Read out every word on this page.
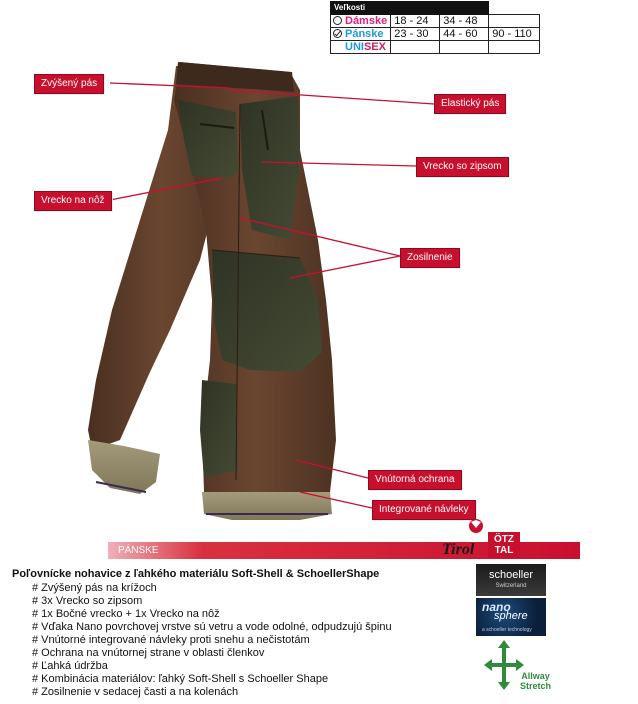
Veľkosti			

Dámske	18 - 24	34 - 48	

Pánske	23 - 30	44 - 60	90 - 110
UNISEX			
Zvýšený pás
Elastický pás
Vrecko so zipsom
Vrecko na nôž
Zosilnenie
Vnútorná ochrana
Integrované návleky
PÁNSKE	Tirol
ÖTZ
TAL
Poľovnícke nohavice z ľahkého materiálu Soft-Shell & SchoellerShape
# Zvýšený pás na krížoch
# 3x Vrecko so zipsom
# 1x Bočné vrecko + 1x Vrecko na nôž
# Vďaka Nano povrchovej vrstve sú vetru a vode odolné, odpudzujú špinu
# Vnútorné integrované návleky proti snehu a nečistotám
# Ochrana na vnútornej strane v oblasti členkov
# Ľahká údržba
# Kombinácia materiálov: ľahký Soft-Shell s Schoeller Shape
# Zosilnenie v sedacej časti a na kolenách
schoeller
Switzerland
nano
sphere
a schoeller technology
Allway
Stretch
